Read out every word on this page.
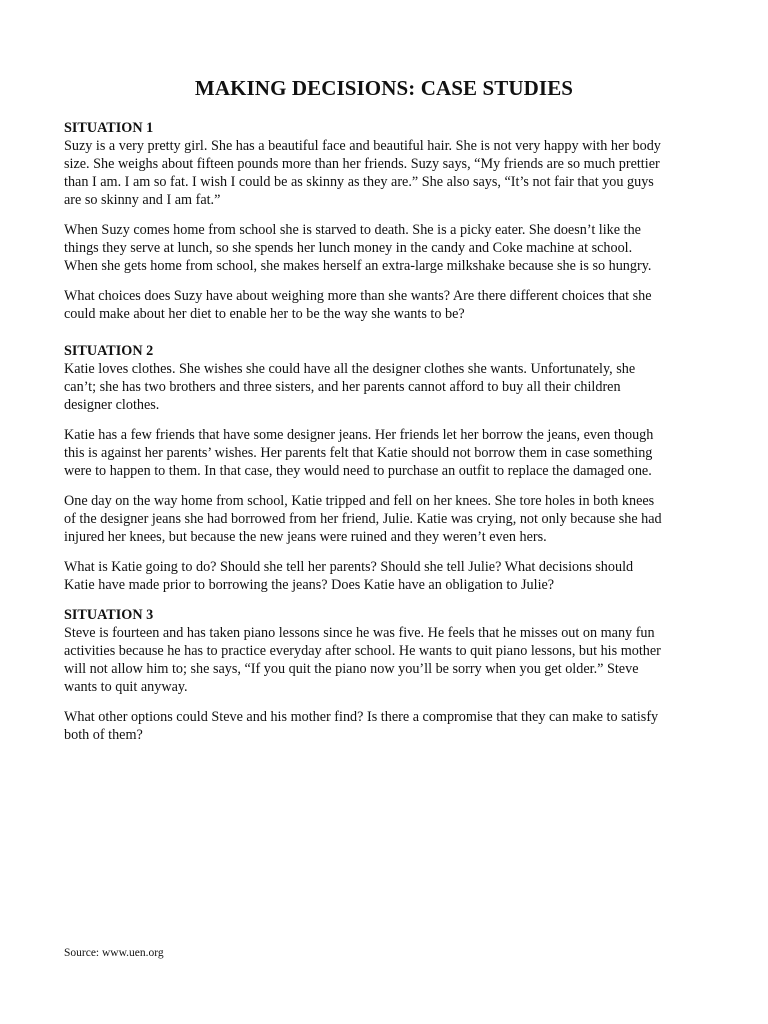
MAKING DECISIONS: CASE STUDIES
SITUATION 1
Suzy is a very pretty girl. She has a beautiful face and beautiful hair. She is not very happy with her body
size. She weighs about fifteen pounds more than her friends. Suzy says, “My friends are so much prettier
than I am. I am so fat. I wish I could be as skinny as they are.” She also says, “It’s not fair that you guys
are so skinny and I am fat.”
When Suzy comes home from school she is starved to death. She is a picky eater. She doesn’t like the
things they serve at lunch, so she spends her lunch money in the candy and Coke machine at school.
When she gets home from school, she makes herself an extra-large milkshake because she is so hungry.
What choices does Suzy have about weighing more than she wants? Are there different choices that she
could make about her diet to enable her to be the way she wants to be?
SITUATION 2
Katie loves clothes. She wishes she could have all the designer clothes she wants. Unfortunately, she
can’t; she has two brothers and three sisters, and her parents cannot afford to buy all their children
designer clothes.
Katie has a few friends that have some designer jeans. Her friends let her borrow the jeans, even though
this is against her parents’ wishes. Her parents felt that Katie should not borrow them in case something
were to happen to them. In that case, they would need to purchase an outfit to replace the damaged one.
One day on the way home from school, Katie tripped and fell on her knees. She tore holes in both knees
of the designer jeans she had borrowed from her friend, Julie. Katie was crying, not only because she had
injured her knees, but because the new jeans were ruined and they weren’t even hers.
What is Katie going to do? Should she tell her parents? Should she tell Julie? What decisions should
Katie have made prior to borrowing the jeans? Does Katie have an obligation to Julie?
SITUATION 3
Steve is fourteen and has taken piano lessons since he was five. He feels that he misses out on many fun
activities because he has to practice everyday after school. He wants to quit piano lessons, but his mother
will not allow him to; she says, “If you quit the piano now you’ll be sorry when you get older.” Steve
wants to quit anyway.
What other options could Steve and his mother find? Is there a compromise that they can make to satisfy
both of them?
Source: www.uen.org
